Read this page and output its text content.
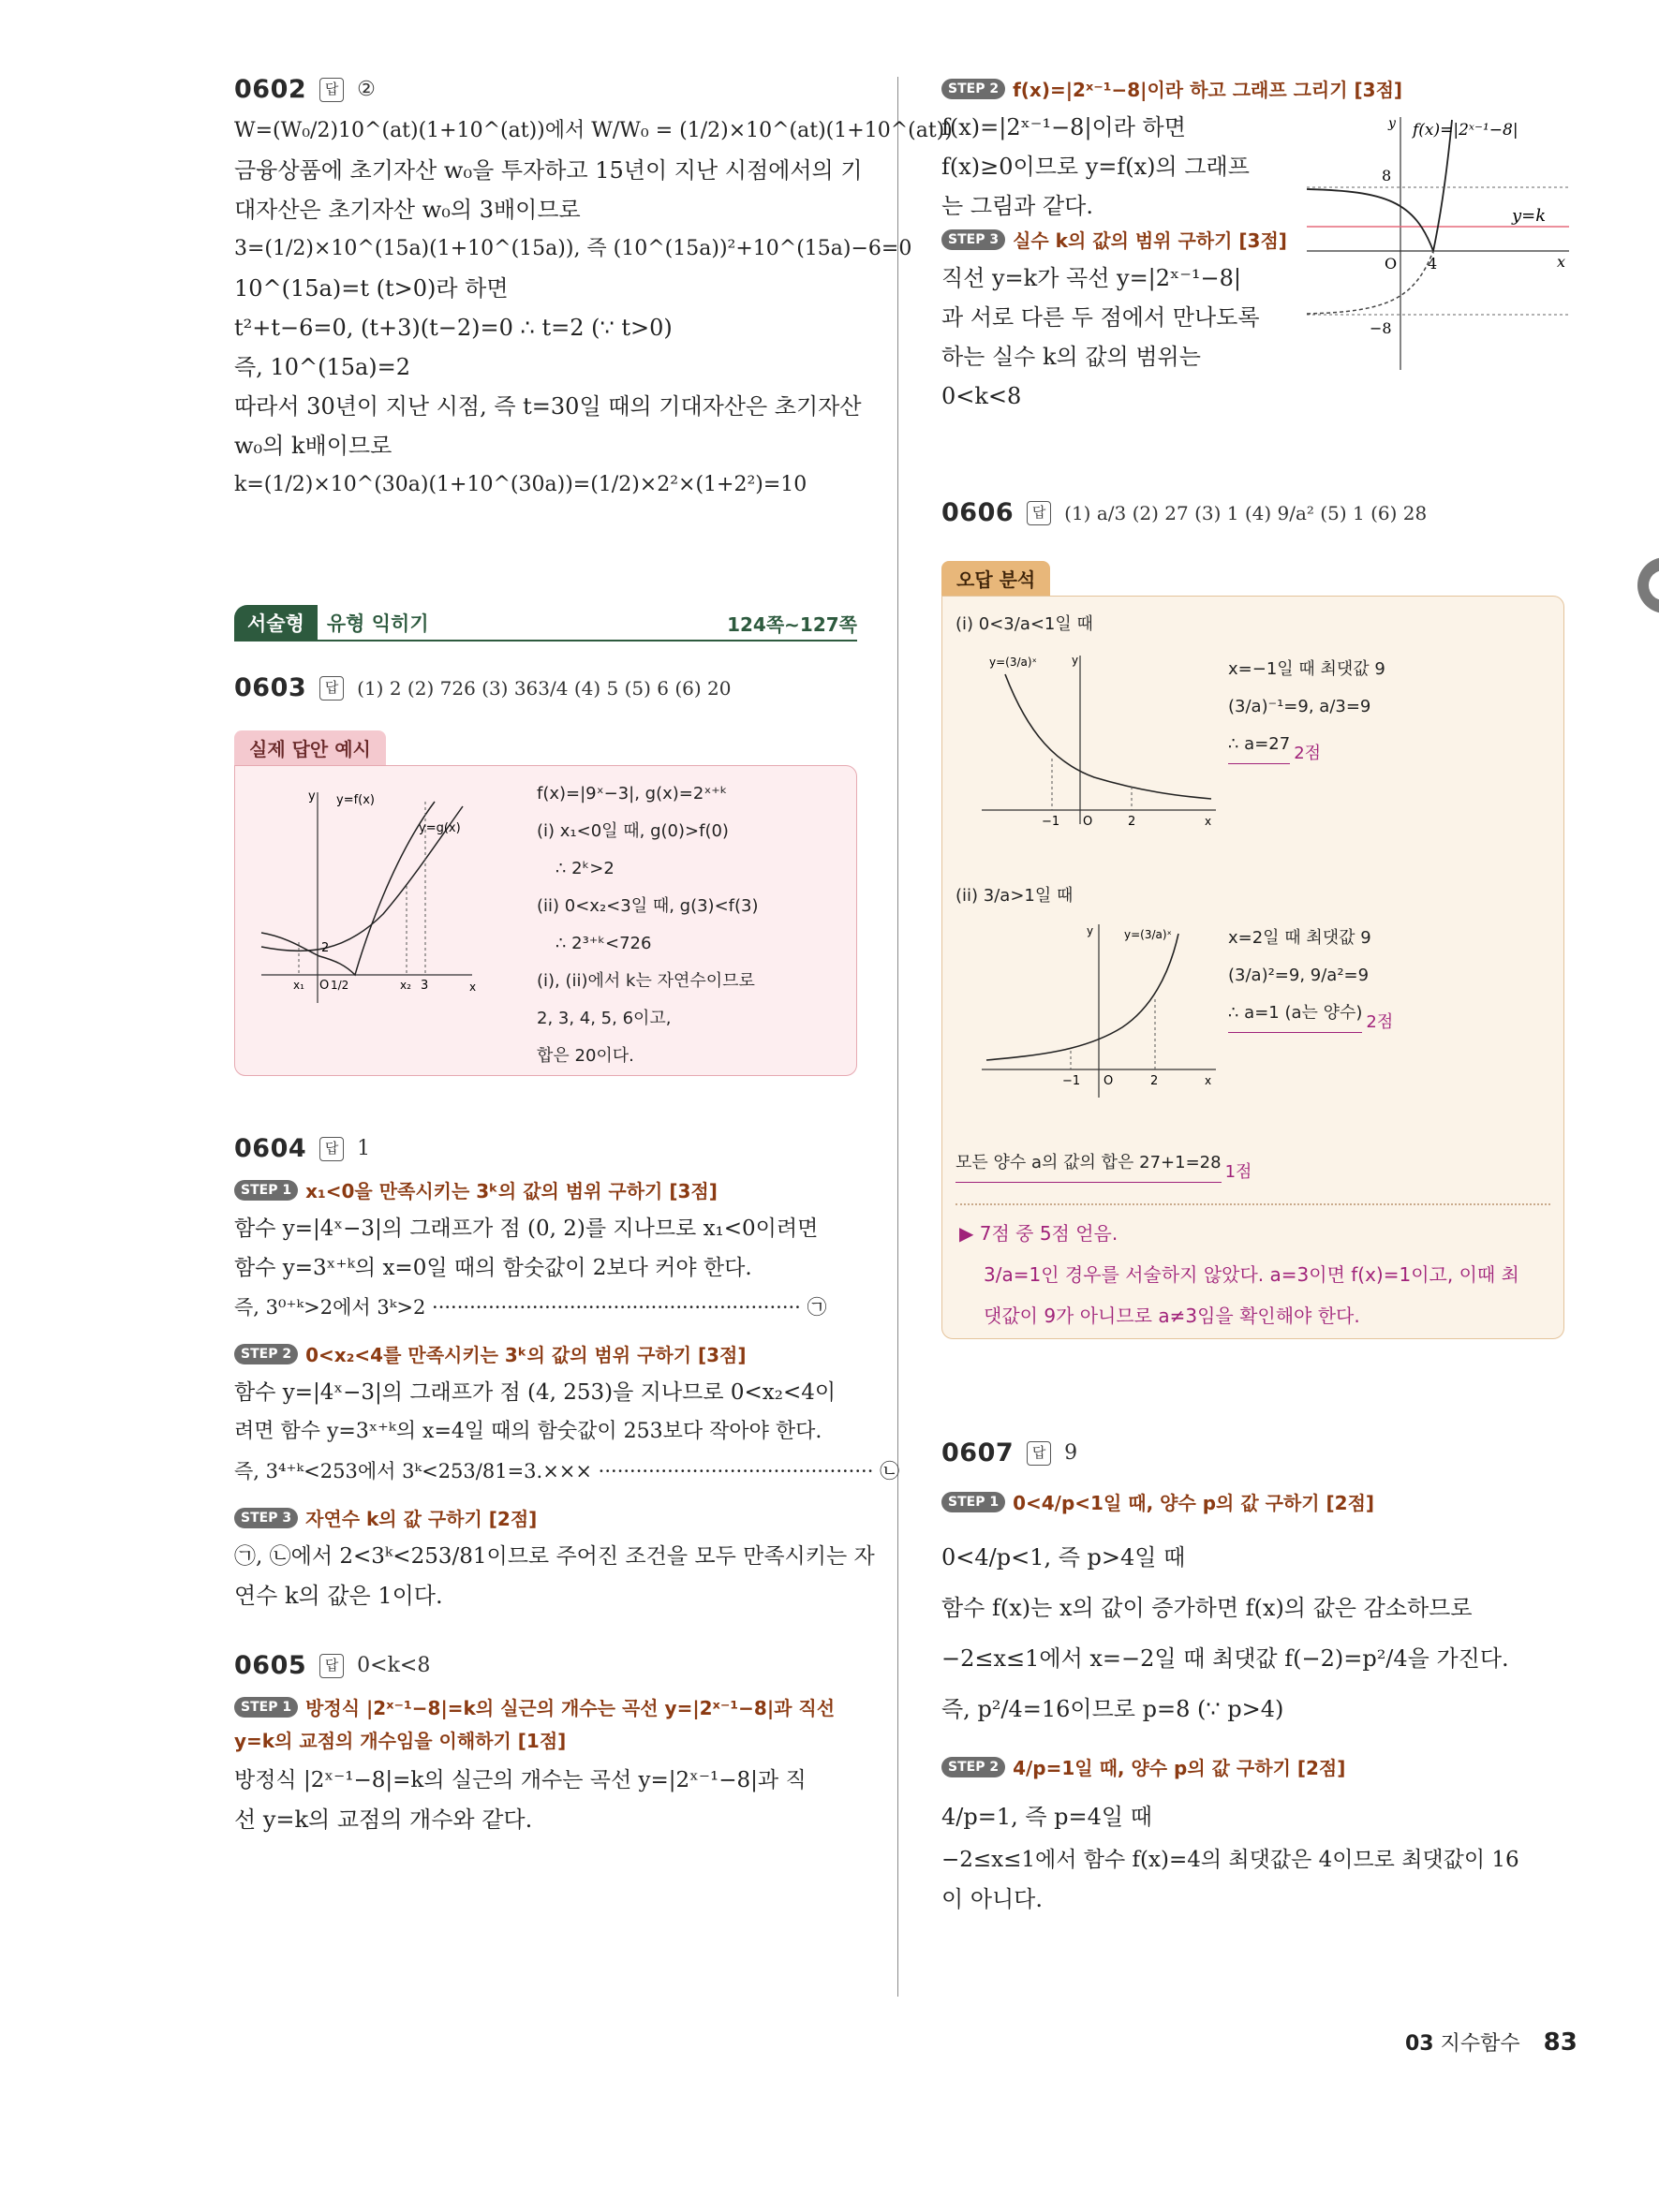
0602	답 ②

W=(W₀/2)10^(at)(1+10^(at))에서 W/W₀ = (1/2)×10^(at)(1+10^(at))

금융상품에 초기자산 w₀을 투자하고 15년이 지난 시점에서의 기

대자산은 초기자산 w₀의 3배이므로

3=(1/2)×10^(15a)(1+10^(15a)), 즉 (10^(15a))²+10^(15a)−6=0

10^(15a)=t (t>0)라 하면

t²+t−6=0, (t+3)(t−2)=0 ∴ t=2 (∵ t>0)

즉, 10^(15a)=2

따라서 30년이 지난 시점, 즉 t=30일 때의 기대자산은 초기자산

w₀의 k배이므로

k=(1/2)×10^(30a)(1+10^(30a))=(1/2)×2²×(1+2²)=10

서술형	유형 익히기	124쪽∼127쪽
0603	답 (1) 2 (2) 726 (3) 363/4 (4) 5 (5) 6 (6) 20
실제 답안 예시
y y=f(x)
y=g(x)
x
O
2
x₁ 1/2	x₂ 3
f(x)=|9ˣ−3|, g(x)=2ˣ⁺ᵏ
(i) x₁<0일 때, g(0)>f(0)
∴ 2ᵏ>2
(ii) 0<x₂<3일 때, g(3)<f(3)
∴ 2³⁺ᵏ<726
(i), (ii)에서 k는 자연수이므로
2, 3, 4, 5, 6이고,
합은 20이다.
0604	답 1
STEP 1 x₁<0을 만족시키는 3ᵏ의 값의 범위 구하기 [3점]

함수 y=|4ˣ−3|의 그래프가 점 (0, 2)를 지나므로 x₁<0이려면

함수 y=3ˣ⁺ᵏ의 x=0일 때의 함숫값이 2보다 커야 한다.

즉, 3⁰⁺ᵏ>2에서 3ᵏ>2 ··························································· ㉠

STEP 2 0<x₂<4를 만족시키는 3ᵏ의 값의 범위 구하기 [3점]

함수 y=|4ˣ−3|의 그래프가 점 (4, 253)을 지나므로 0<x₂<4이

려면 함수 y=3ˣ⁺ᵏ의 x=4일 때의 함숫값이 253보다 작아야 한다.

즉, 3⁴⁺ᵏ<253에서 3ᵏ<253/81=3.××× ············································ ㉡

STEP 3 자연수 k의 값 구하기 [2점]

㉠, ㉡에서 2<3ᵏ<253/81이므로 주어진 조건을 모두 만족시키는 자

연수 k의 값은 1이다.

0605	답 0<k<8
STEP 1 방정식 |2ˣ⁻¹−8|=k의 실근의 개수는 곡선 y=|2ˣ⁻¹−8|과 직선
y=k의 교점의 개수임을 이해하기 [1점]

방정식 |2ˣ⁻¹−8|=k의 실근의 개수는 곡선 y=|2ˣ⁻¹−8|과 직

선 y=k의 교점의 개수와 같다.

STEP 2 f(x)=|2ˣ⁻¹−8|이라 하고 그래프 그리기 [3점]

f(x)=|2ˣ⁻¹−8|이라 하면

f(x)≥0이므로 y=f(x)의 그래프

는 그림과 같다.

STEP 3 실수 k의 값의 범위 구하기 [3점]

직선 y=k가 곡선 y=|2ˣ⁻¹−8|

과 서로 다른 두 점에서 만나도록

하는 실수 k의 값의 범위는

0<k<8

y f(x)=|2ˣ⁻¹−8|
8
y=k
O 4	x
−8
0606	답 (1) a/3 (2) 27 (3) 1 (4) 9/a² (5) 1 (6) 28
오답 분석
(i) 0<3/a<1일 때
y=(3/a)ˣ	y
−1 O	2	x
x=−1일 때 최댓값 9
(3/a)⁻¹=9, a/3=9
∴ a=27 2점
(ii) 3/a>1일 때
y	y=(3/a)ˣ
−1 O	2	x
x=2일 때 최댓값 9
(3/a)²=9, 9/a²=9
∴ a=1 (a는 양수) 2점
모든 양수 a의 값의 합은 27+1=28 1점
▶ 7점 중 5점 얻음.
3/a=1인 경우를 서술하지 않았다. a=3이면 f(x)=1이고, 이때 최
댓값이 9가 아니므로 a≠3임을 확인해야 한다.
0607	답 9
STEP 1 0<4/p<1일 때, 양수 p의 값 구하기 [2점]

0<4/p<1, 즉 p>4일 때

함수 f(x)는 x의 값이 증가하면 f(x)의 값은 감소하므로

−2≤x≤1에서 x=−2일 때 최댓값 f(−2)=p²/4을 가진다.

즉, p²/4=16이므로 p=8 (∵ p>4)

STEP 2 4/p=1일 때, 양수 p의 값 구하기 [2점]

4/p=1, 즉 p=4일 때

−2≤x≤1에서 함수 f(x)=4의 최댓값은 4이므로 최댓값이 16

이 아니다.

03 지수함수 83
